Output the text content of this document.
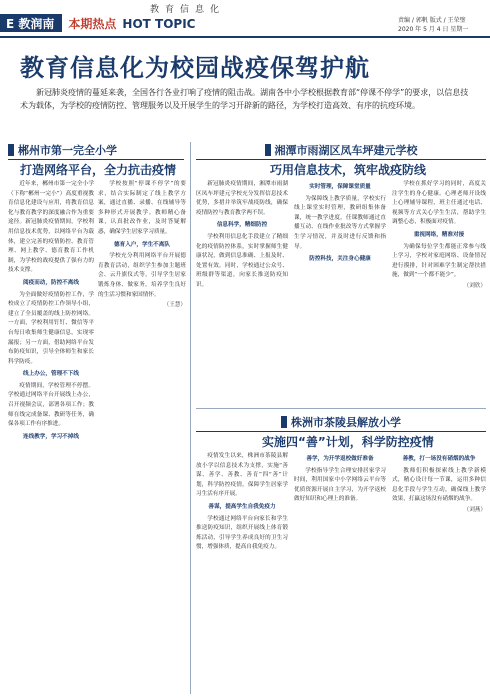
教育信息化
E 教润南	本期热点 HOT TOPIC	责编 / 郭帆 版式 / 王荣璧
2020 年 5 月 4 日 星期一
教育信息化为校园战疫保驾护航
新冠肺炎疫情的蔓延来袭，全国各行各业打响了疫情的阻击战。湖南各中小学校根据教育部“停课不停学”的要求，以信息技术为载体，为学校的疫情防控、管理服务以及开展学生的学习开辟新的路径，为学校打造高效、有序的抗疫环境。
郴州市第一完全小学
打造网络平台，全力抗击疫情

近年来，郴州市第一完全小学（下称“郴州一完小”）高度重视教育信息化建设与应用，将教育信息化与教育教学的深度融合作为重要途径。新冠肺炎疫情期间，学校利用信息技术优势，以网络平台为载体，建立完善的疫情防控、教育管理、网上教学、德育教育工作机制，为学校的战疫提供了强有力的技术支撑。

阅疫而动，防控不离线

为全面做好疫情防控工作，学校成立了疫情防控工作领导小组，建立了全员覆盖的线上防控网络。一方面，学校利用钉钉、微信等平台每日收集师生健康信息，实现零漏报；另一方面，借助网络平台发布防疫知识，引导全体师生和家长科学防疫。

线上办公，管理不下线

疫情期间，学校管理不停摆。学校通过网络平台开展线上办公，召开视频会议，部署各项工作；教师在线完成备课、教研等任务，确保各项工作有序推进。

连线教学，学习不掉线

学校按照“停课不停学”的要求，结合实际制定了线上教学方案，通过直播、录播、在线辅导等多种形式开展教学。教师精心备课，认真批改作业，及时答疑解惑，确保学生居家学习质量。

德育入户，学生不离队

学校充分利用网络平台开展德育教育活动，组织学生参加主题班会、云升旗仪式等，引导学生居家锻炼身体、做家务，培养学生良好的生活习惯和家国情怀。

（王慧）
湘潭市雨湖区凤车坪建元学校
巧用信息技术，筑牢战疫防线

新冠肺炎疫情期间，湘潭市雨湖区凤车坪建元学校充分发挥信息技术优势，多措并举筑牢战疫防线，确保疫情防控与教育教学两不误。

信息科学，精细防控

学校利用信息化手段建立了精细化的疫情防控体系，实时掌握师生健康状况，做到信息准确、上报及时、处置有效。同时，学校通过公众号、班级群等渠道，向家长推送防疫知识。

实时管理，保障课堂质量

为保障线上教学质量，学校实行线上课堂实时管理，教研组集体备课，统一教学进度，任课教师通过直播互动、在线作业批改等方式掌握学生学习情况，并及时进行反馈和指导。

防控科技，关注身心健康

学校在抓好学习的同时，高度关注学生的身心健康。心理老师开设线上心理辅导课程，班主任通过电话、视频等方式关心学生生活，帮助学生调整心态，积极面对疫情。

重视网络，精准对接

为确保每位学生都能正常参与线上学习，学校对家庭网络、设备情况进行摸排，针对困难学生制定帮扶措施，做到“一个都不能少”。

（刘欣）
株洲市茶陵县解放小学
实施四“善”计划，科学防控疫情

疫情发生以来，株洲市茶陵县解放小学以信息技术为支撑，实施“善谋、善学、善教、善育”四“善”计划，科学防控疫情，保障学生居家学习生活有序开展。

善谋，提高学生自我免疫力

学校通过网络平台向家长和学生推送防疫知识，组织开展线上体育锻炼活动，引导学生养成良好的卫生习惯，增强体质，提高自我免疫力。

善学，为开学返校做好准备

学校指导学生合理安排居家学习时间，利用国家中小学网络云平台等优质资源开展自主学习，为开学返校做好知识和心理上的准备。

善教，打一场没有硝烟的战争

教师们积极探索线上教学新模式，精心设计每一节课，运用多种信息化手段与学生互动，确保线上教学效果，打赢这场没有硝烟的战争。

（刘燕）
